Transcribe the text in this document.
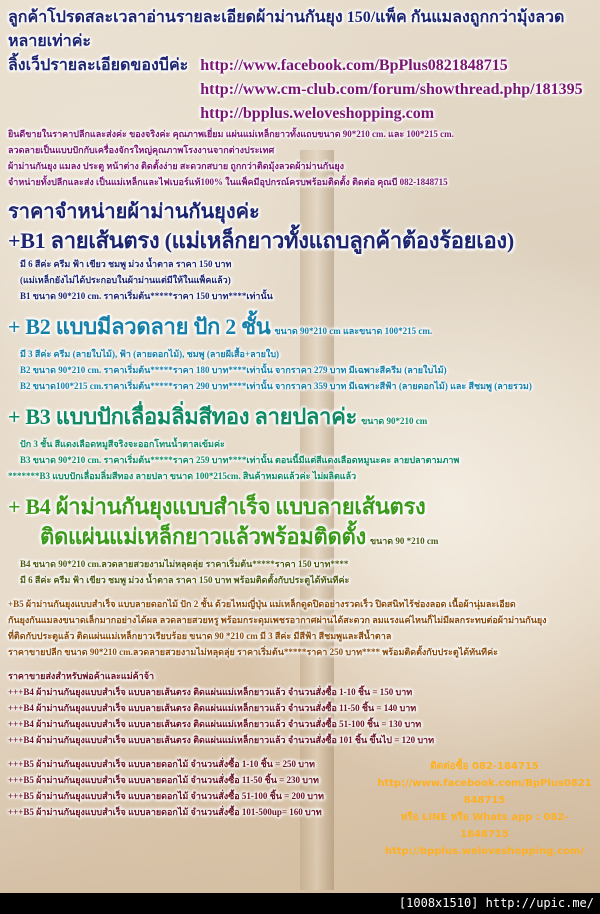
ลูกค้าโปรดสละเวลาอ่านรายละเอียดผ้าม่านกันยุง 150/แพ็ค กันแมลงถูกกว่ามุ้งลวดหลายเท่าค่ะ
ลิ้งเว็ปรายละเอียดของบีค่ะ http://www.facebook.com/BpPlus0821848715
http://www.cm-club.com/forum/showthread.php/181395
http://bpplus.weloveshopping.com
ยินดีขายในราคาปลีกและส่งค่ะ ของจริงค่ะ คุณภาพเยี่ยม แผ่นแม่เหล็กยาวทั้งแถบขนาด 90*210 cm. และ 100*215 cm.
ลวดลายเป็นแบบปักกับเครื่องจักรใหญ่คุณภาพโรงงานจากต่างประเทศ
ผ้าม่านกันยุง แมลง ประตู หน้าต่าง ติดตั้งง่าย สะดวกสบาย ถูกกว่าติดมุ้งลวดผ้าม่านกันยุง
จำหน่ายทั้งปลีกและส่ง เป็นแม่เหล็กและไฟเบอร์แท้100% ในแพ็คมีอุปกรณ์ครบพร้อมติดตั้ง ติดต่อ คุณบี 082-1848715
ราคาจำหน่ายผ้าม่านกันยุงค่ะ
+B1 ลายเส้นตรง (แม่เหล็กยาวทั้งแถบลูกค้าต้องร้อยเอง)
มี 6 สีค่ะ ครีม ฟ้า เขียว ชมพู ม่วง น้ำตาล ราคา 150 บาท
(แม่เหล็กยังไม่ได้ประกอบในผ้าม่านแต่มีให้ในแพ็คแล้ว)
B1 ขนาด 90*210 cm. ราคาเริ่มต้น*****ราคา 150 บาท****เท่านั้น
+ B2 แบบมีลวดลาย ปัก 2 ชั้น ขนาด 90*210 cm และขนาด 100*215 cm.
มี 3 สีค่ะ ครีม (ลายใบไม้), ฟ้า (ลายดอกไม้), ชมพู (ลายผีเสื้อ+ลายใบ)
B2 ขนาด 90*210 cm. ราคาเริ่มต้น*****ราคา 180 บาท****เท่านั้น จากราคา 279 บาท มีเฉพาะสีครีม (ลายใบไม้)
B2 ขนาด100*215 cm.ราคาเริ่มต้น*****ราคา 290 บาท****เท่านั้น จากราคา 359 บาท มีเฉพาะสีฟ้า (ลายดอกไม้) และ สีชมพู (ลายรวม)
+ B3 แบบปักเลื่อมลิ่มสีทอง ลายปลาค่ะ ขนาด 90*210 cm
ปัก 3 ชั้น สีแดงเลือดหมูสีจริงจะออกโทนน้ำตาลเข้มค่ะ
B3 ขนาด 90*210 cm. ราคาเริ่มต้น*****ราคา 259 บาท****เท่านั้น ตอนนี้มีแต่สีแดงเลือดหมูนะคะ ลายปลาตามภาพ
*******B3 แบบปักเลื่อมลิ่มสีทอง ลายปลา ขนาด 100*215cm. สินค้าหมดแล้วค่ะ ไม่ผลิตแล้ว
+ B4 ผ้าม่านกันยุงแบบสำเร็จ แบบลายเส้นตรง
ติดแผ่นแม่เหล็กยาวแล้วพร้อมติดตั้ง ขนาด 90 *210 cm
B4 ขนาด 90*210 cm.ลวดลายสวยงามไม่หลุดลุ่ย ราคาเริ่มต้น*****ราคา 150 บาท****
มี 6 สีค่ะ ครีม ฟ้า เขียว ชมพู ม่วง น้ำตาล ราคา 150 บาท พร้อมติดตั้งกับประตูได้ทันทีค่ะ
+B5 ผ้าม่านกันยุงแบบสำเร็จ แบบลายดอกไม้ ปัก 2 ชั้น ด้วยไหมญี่ปุ่น แม่เหล็กดูดปิดอย่างรวดเร็ว ปิดสนิทไร้ช่องลอด เนื้อผ้านุ่มละเอียด
กันยุงกันแมลงขนาดเล็กมากอย่างได้ผล ลวดลายสวยหรู พร้อมกระดุมเพชรอากาศผ่านได้สะดวก ลมแรงแค่ไหนก็ไม่มีผลกระทบต่อผ้าม่านกันยุง
ที่ติดกับประตูแล้ว ติดแผ่นแม่เหล็กยาวเรียบร้อย ขนาด 90 *210 cm มี 3 สีค่ะ มีสีฟ้า สีชมพูและสีน้ำตาล
ราคาขายปลีก ขนาด 90*210 cm.ลวดลายสวยงามไม่หลุดลุ่ย ราคาเริ่มต้น*****ราคา 250 บาท**** พร้อมติดตั้งกับประตูได้ทันทีค่ะ
ราคาขายส่งสำหรับพ่อค้าและแม่ค้าจ้า
+++B4 ผ้าม่านกันยุงแบบสำเร็จ แบบลายเส้นตรง ติดแผ่นแม่เหล็กยาวแล้ว จำนวนสั่งซื้อ 1-10 ชิ้น = 150 บาท
+++B4 ผ้าม่านกันยุงแบบสำเร็จ แบบลายเส้นตรง ติดแผ่นแม่เหล็กยาวแล้ว จำนวนสั่งซื้อ 11-50 ชิ้น = 140 บาท
+++B4 ผ้าม่านกันยุงแบบสำเร็จ แบบลายเส้นตรง ติดแผ่นแม่เหล็กยาวแล้ว จำนวนสั่งซื้อ 51-100 ชิ้น = 130 บาท
+++B4 ผ้าม่านกันยุงแบบสำเร็จ แบบลายเส้นตรง ติดแผ่นแม่เหล็กยาวแล้ว จำนวนสั่งซื้อ 101 ชิ้น ขึ้นไป = 120 บาท
+++B5 ผ้าม่านกันยุงแบบสำเร็จ แบบลายดอกไม้ จำนวนสั่งซื้อ 1-10 ชิ้น = 250 บาท
+++B5 ผ้าม่านกันยุงแบบสำเร็จ แบบลายดอกไม้ จำนวนสั่งซื้อ 11-50 ชิ้น = 230 บาท
+++B5 ผ้าม่านกันยุงแบบสำเร็จ แบบลายดอกไม้ จำนวนสั่งซื้อ 51-100 ชิ้น = 200 บาท
+++B5 ผ้าม่านกันยุงแบบสำเร็จ แบบลายดอกไม้ จำนวนสั่งซื้อ 101-500up= 160 บาท
ติดต่อซื้อ 082-184715
http://www.facebook.com/BpPlus0821848715
หรือ LINE หรือ Whats app : 082-1848715
http://bpplus.weloveshopping.com/
[1008x1510] http://upic.me/
